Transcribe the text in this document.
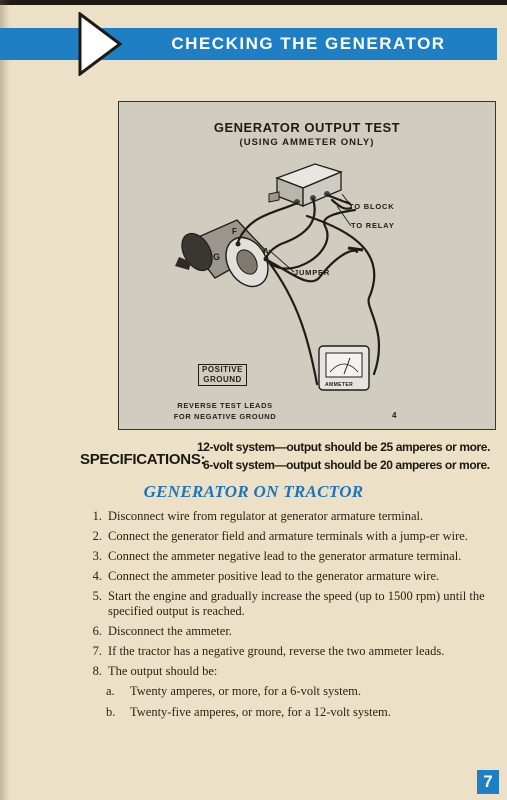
CHECKING THE GENERATOR
GENERATOR OUTPUT TEST
(USING AMMETER ONLY)
TO BLOCK
TO RELAY
JUMPER
F
G
A
AMMETER
POSITIVE
GROUND
REVERSE TEST LEADS
FOR NEGATIVE GROUND	4
SPECIFICATIONS:
12-volt system—output should be 25 amperes or more.
6-volt system—output should be 20 amperes or more.
GENERATOR ON TRACTOR
1. Disconnect wire from regulator at generator armature terminal.
2. Connect the generator field and armature terminals with a jump-er wire.
3. Connect the ammeter negative lead to the generator armature terminal.
4. Connect the ammeter positive lead to the generator armature wire.
5. Start the engine and gradually increase the speed (up to 1500 rpm) until the specified output is reached.
6. Disconnect the ammeter.
7. If the tractor has a negative ground, reverse the two ammeter leads.
8. The output should be:
a. Twenty amperes, or more, for a 6-volt system.
b. Twenty-five amperes, or more, for a 12-volt system.
7
